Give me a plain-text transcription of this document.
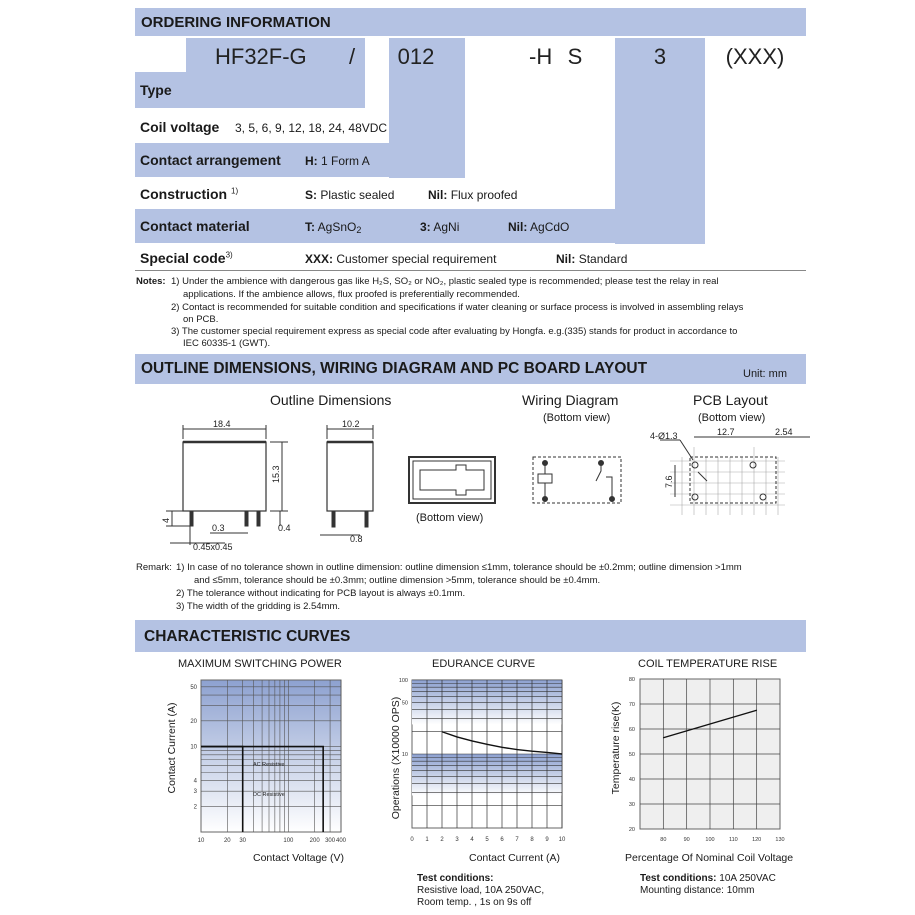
ORDERING INFORMATION
HF32F-G	/	012	-H S	3	(XXX)
Type
Coil voltage 3, 5, 6, 9, 12, 18, 24, 48VDC
Contact arrangement H: 1 Form A
Construction $^{1)}$	S: Plastic sealed	Nil: Flux proofed
Contact material	T: AgSnO$_2$	3: AgNi	Nil: AgCdO
Special code$^{3)}$	XXX: Customer special requirement	Nil: Standard
Notes: 1) Under the ambience with dangerous gas like H₂S, SO₂ or NO₂, plastic sealed type is recommended; please test the relay in real
applications. If the ambience allows, flux proofed is preferentially recommended.
2) Contact is recommended for suitable condition and specifications if water cleaning or surface process is involved in assembling relays
on PCB.
3) The customer special requirement express as special code after evaluating by Hongfa. e.g.(335) stands for product in accordance to
IEC 60335-1 (GWT).
OUTLINE DIMENSIONS, WIRING DIAGRAM AND PC BOARD LAYOUT	Unit: mm
Outline Dimensions	Wiring Diagram
(Bottom view)
PCB Layout
(Bottom view)
(Bottom view)
18.4
15.3
10.2
4
0.3	0.4
0.45x0.45
0.8
4-Ø1.3	12.7	2.54
7.6
Remark: 1) In case of no tolerance shown in outline dimension: outline dimension ≤1mm, tolerance should be ±0.2mm; outline dimension >1mm
and ≤5mm, tolerance should be ±0.3mm; outline dimension >5mm, tolerance should be ±0.4mm.
2) The tolerance without indicating for PCB layout is always ±0.1mm.
3) The width of the gridding is 2.54mm.
CHARACTERISTIC CURVES
MAXIMUM SWITCHING POWER	EDURANCE CURVE	COIL TEMPERATURE RISE
10	20 30	100	200 300 400
2
3
4
10
20
50
AC Resistive
DC Resistive
0 1 2 3 4 5 6 7 8 9 10
10
50
100
80	90	100	110	120	130
20
30
40
50
60
70
80
Contact Voltage (V)
Contact Current (A)
Contact Current (A)
Operations (X10000 OPS)
Percentage Of Nominal Coil Voltage
Temperature rise(K)
Test conditions:
Resistive load, 10A 250VAC,
Room temp. , 1s on 9s off
Test conditions: 10A 250VAC
Mounting distance: 10mm
